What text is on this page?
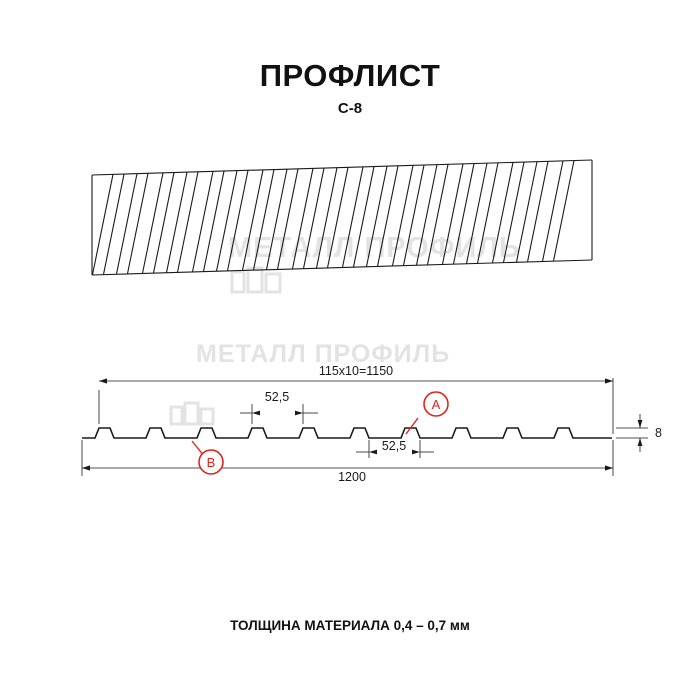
ПРОФЛИСТ
С-8
МЕТАЛЛ ПРОФИЛЬ
МЕТАЛЛ ПРОФИЛЬ
115х10=1150
52,5
52,5
8
1200
A
B
ТОЛЩИНА МАТЕРИАЛА 0,4 – 0,7 мм
